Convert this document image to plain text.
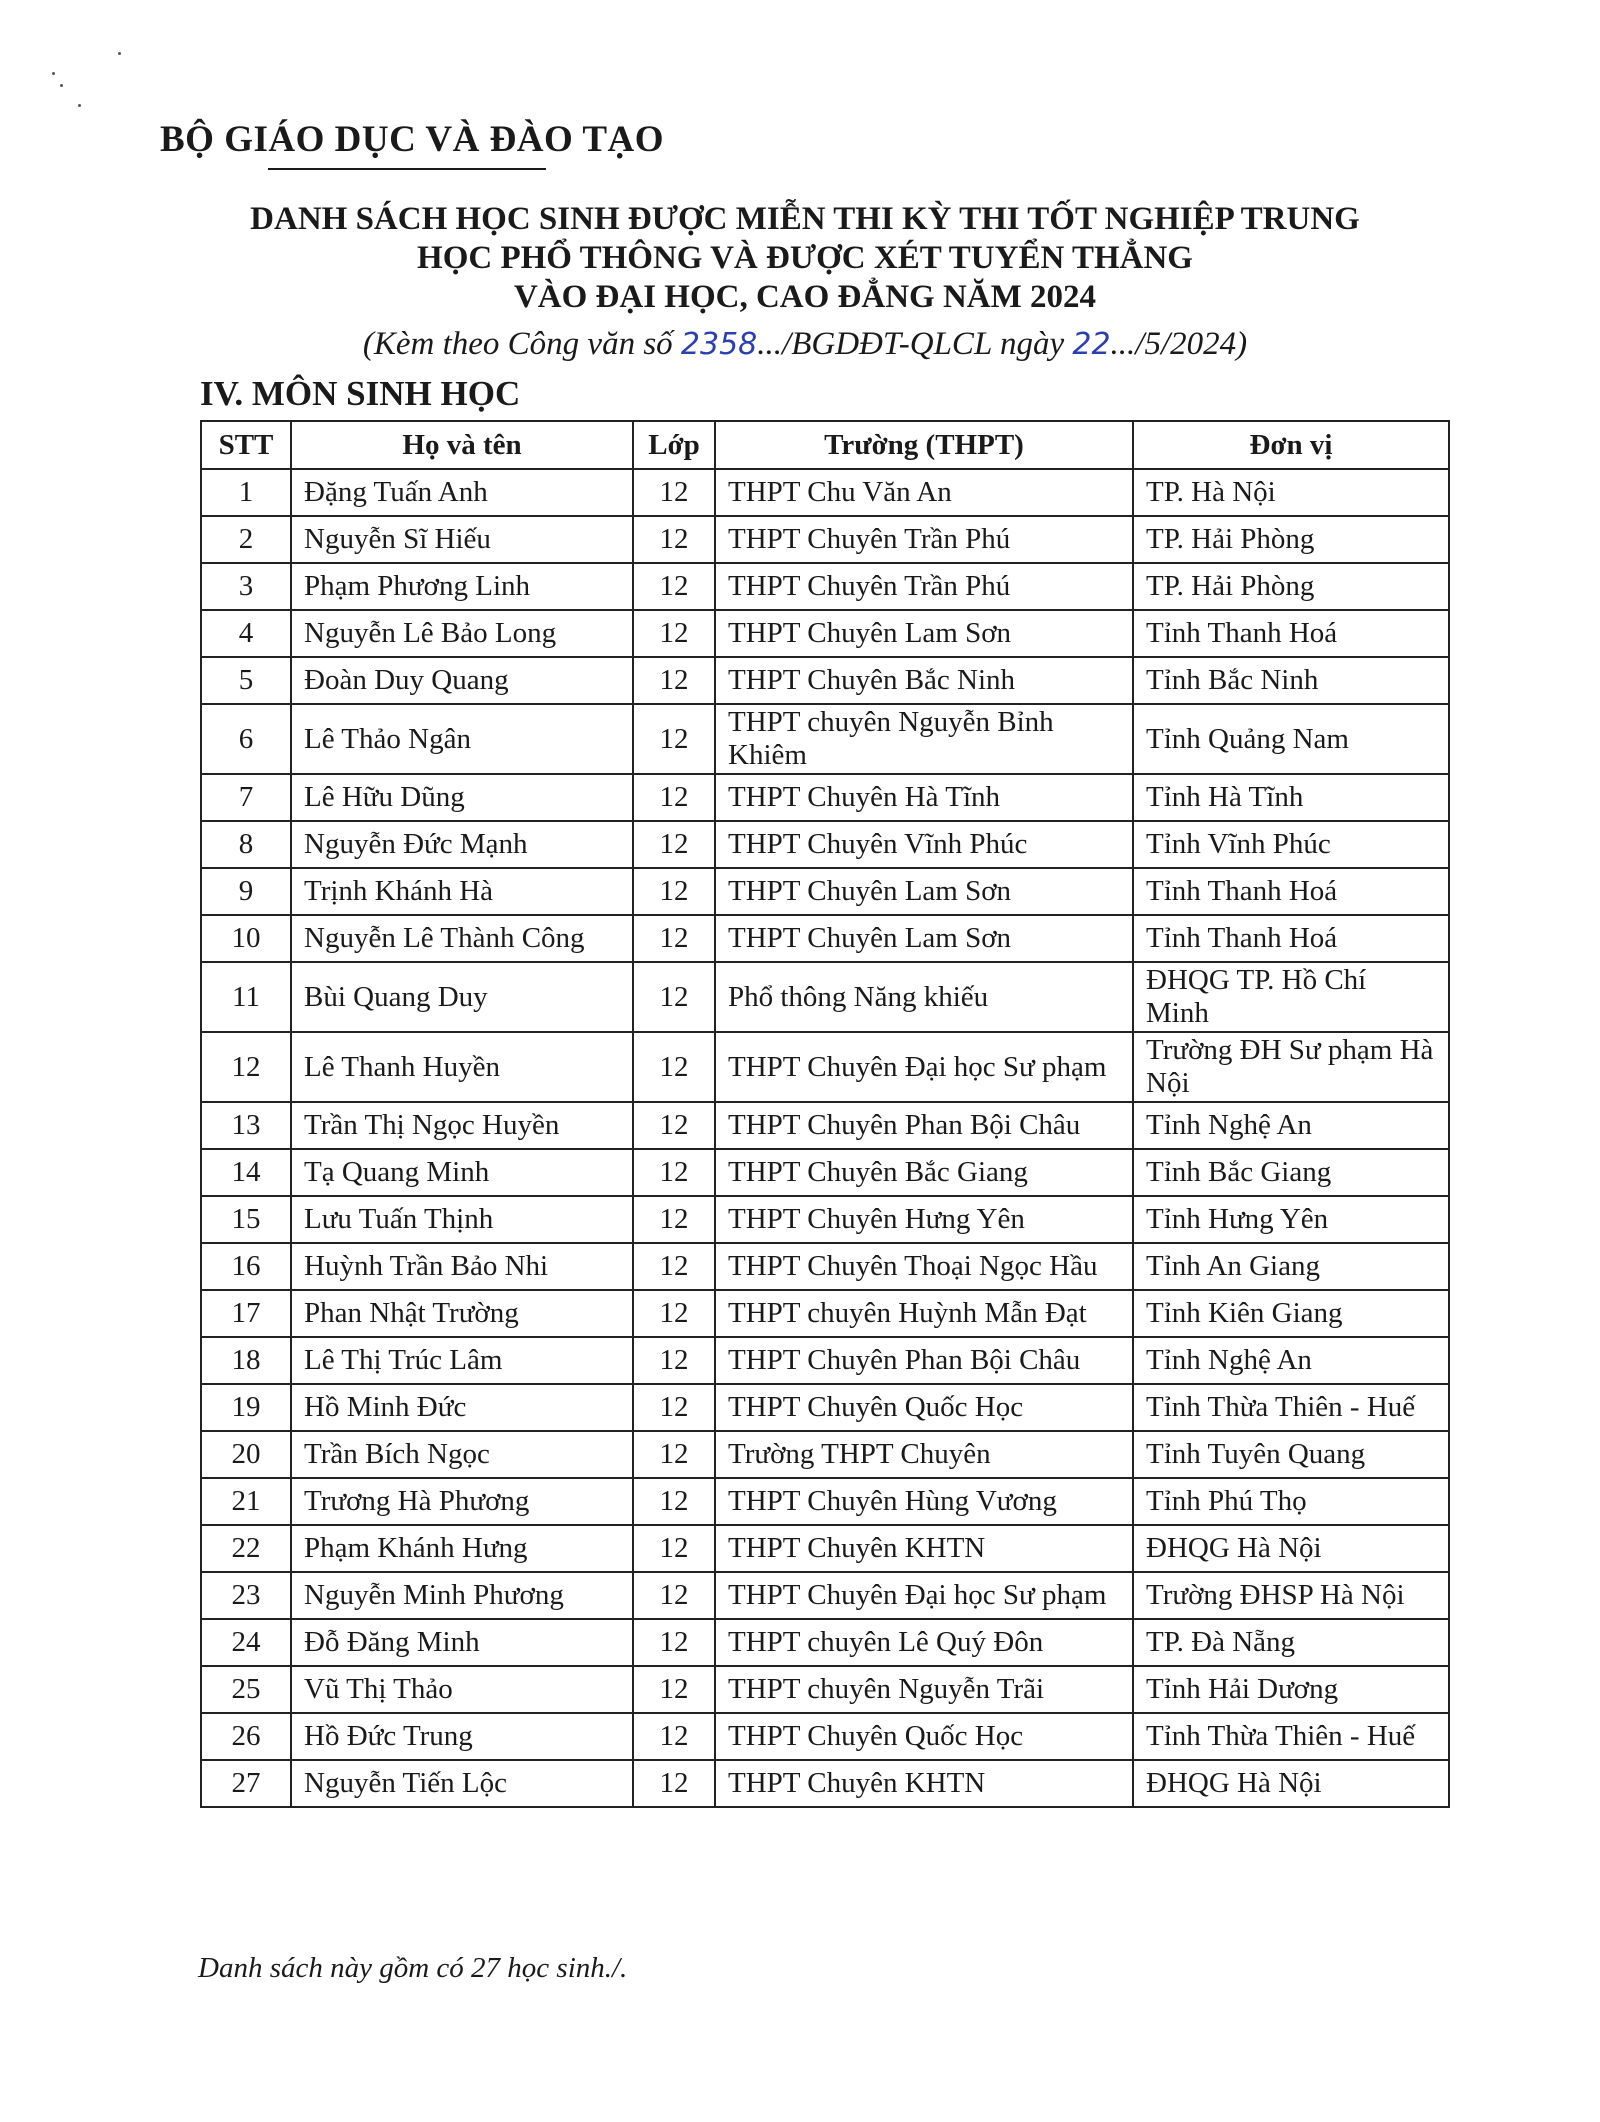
BỘ GIÁO DỤC VÀ ĐÀO TẠO
DANH SÁCH HỌC SINH ĐƯỢC MIỄN THI KỲ THI TỐT NGHIỆP TRUNG
HỌC PHỔ THÔNG VÀ ĐƯỢC XÉT TUYỂN THẲNG
VÀO ĐẠI HỌC, CAO ĐẲNG NĂM 2024
(Kèm theo Công văn số 2358.../BGDĐT-QLCL ngày 22.../5/2024)
IV. MÔN SINH HỌC
STT	Họ và tên	Lớp	Trường (THPT)	Đơn vị
1	Đặng Tuấn Anh	12	THPT Chu Văn An	TP. Hà Nội
2	Nguyễn Sĩ Hiếu	12	THPT Chuyên Trần Phú	TP. Hải Phòng
3	Phạm Phương Linh	12	THPT Chuyên Trần Phú	TP. Hải Phòng
4	Nguyễn Lê Bảo Long	12	THPT Chuyên Lam Sơn	Tỉnh Thanh Hoá
5	Đoàn Duy Quang	12	THPT Chuyên Bắc Ninh	Tỉnh Bắc Ninh
6	Lê Thảo Ngân	12	THPT chuyên Nguyễn Bỉnh Khiêm	Tỉnh Quảng Nam
7	Lê Hữu Dũng	12	THPT Chuyên Hà Tĩnh	Tỉnh Hà Tĩnh
8	Nguyễn Đức Mạnh	12	THPT Chuyên Vĩnh Phúc	Tỉnh Vĩnh Phúc
9	Trịnh Khánh Hà	12	THPT Chuyên Lam Sơn	Tỉnh Thanh Hoá
10	Nguyễn Lê Thành Công	12	THPT Chuyên Lam Sơn	Tỉnh Thanh Hoá
11	Bùi Quang Duy	12	Phổ thông Năng khiếu	ĐHQG TP. Hồ Chí Minh
12	Lê Thanh Huyền	12	THPT Chuyên Đại học Sư phạm	Trường ĐH Sư phạm Hà Nội
13	Trần Thị Ngọc Huyền	12	THPT Chuyên Phan Bội Châu	Tỉnh Nghệ An
14	Tạ Quang Minh	12	THPT Chuyên Bắc Giang	Tỉnh Bắc Giang
15	Lưu Tuấn Thịnh	12	THPT Chuyên Hưng Yên	Tỉnh Hưng Yên
16	Huỳnh Trần Bảo Nhi	12	THPT Chuyên Thoại Ngọc Hầu	Tỉnh An Giang
17	Phan Nhật Trường	12	THPT chuyên Huỳnh Mẫn Đạt	Tỉnh Kiên Giang
18	Lê Thị Trúc Lâm	12	THPT Chuyên Phan Bội Châu	Tỉnh Nghệ An
19	Hồ Minh Đức	12	THPT Chuyên Quốc Học	Tỉnh Thừa Thiên - Huế
20	Trần Bích Ngọc	12	Trường THPT Chuyên	Tỉnh Tuyên Quang
21	Trương Hà Phương	12	THPT Chuyên Hùng Vương	Tỉnh Phú Thọ
22	Phạm Khánh Hưng	12	THPT Chuyên KHTN	ĐHQG Hà Nội
23	Nguyễn Minh Phương	12	THPT Chuyên Đại học Sư phạm	Trường ĐHSP Hà Nội
24	Đỗ Đăng Minh	12	THPT chuyên Lê Quý Đôn	TP. Đà Nẵng
25	Vũ Thị Thảo	12	THPT chuyên Nguyễn Trãi	Tỉnh Hải Dương
26	Hồ Đức Trung	12	THPT Chuyên Quốc Học	Tỉnh Thừa Thiên - Huế
27	Nguyễn Tiến Lộc	12	THPT Chuyên KHTN	ĐHQG Hà Nội
Danh sách này gồm có 27 học sinh./.
